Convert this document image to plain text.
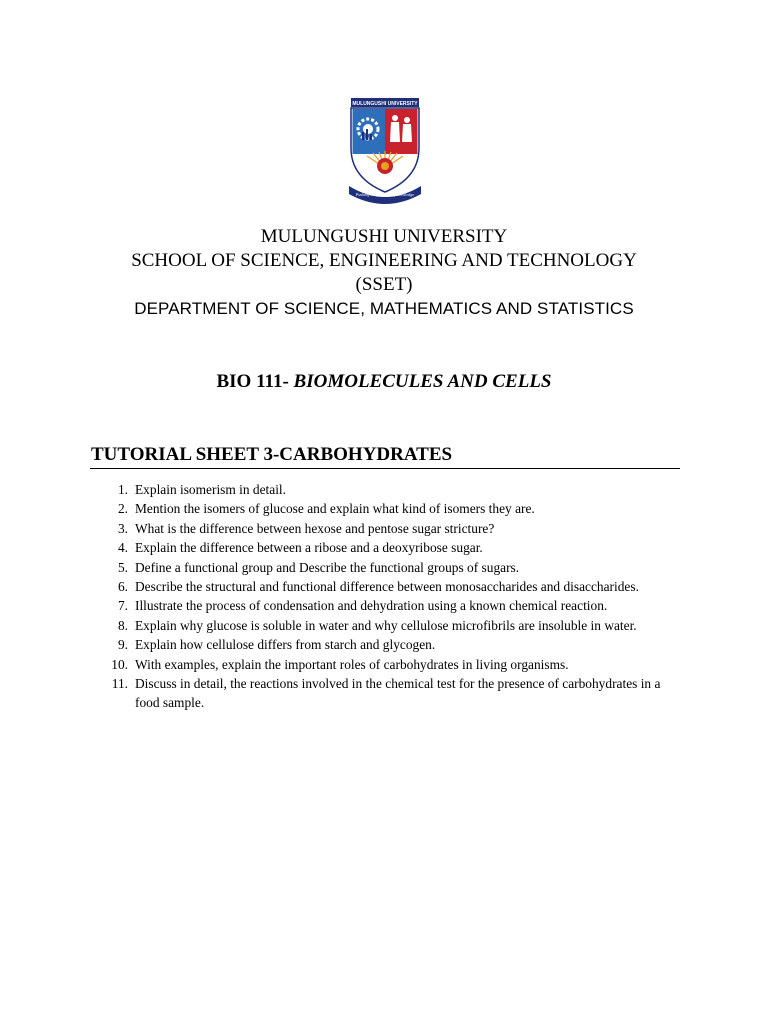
MULUNGUSHI UNIVERSITY
Pushing the frontiers of knowledge
MULUNGUSHI UNIVERSITY
SCHOOL OF SCIENCE, ENGINEERING AND TECHNOLOGY
(SSET)
DEPARTMENT OF SCIENCE, MATHEMATICS AND STATISTICS
BIO 111- BIOMOLECULES AND CELLS
TUTORIAL SHEET 3-CARBOHYDRATES
1. Explain isomerism in detail.
2. Mention the isomers of glucose and explain what kind of isomers they are.
3. What is the difference between hexose and pentose sugar stricture?
4. Explain the difference between a ribose and a deoxyribose sugar.
5. Define a functional group and Describe the functional groups of sugars.
6. Describe the structural and functional difference between monosaccharides and disaccharides.
7. Illustrate the process of condensation and dehydration using a known chemical reaction.
8. Explain why glucose is soluble in water and why cellulose microfibrils are insoluble in water.
9. Explain how cellulose differs from starch and glycogen.
10. With examples, explain the important roles of carbohydrates in living organisms.
11. Discuss in detail, the reactions involved in the chemical test for the presence of carbohydrates in a food sample.
